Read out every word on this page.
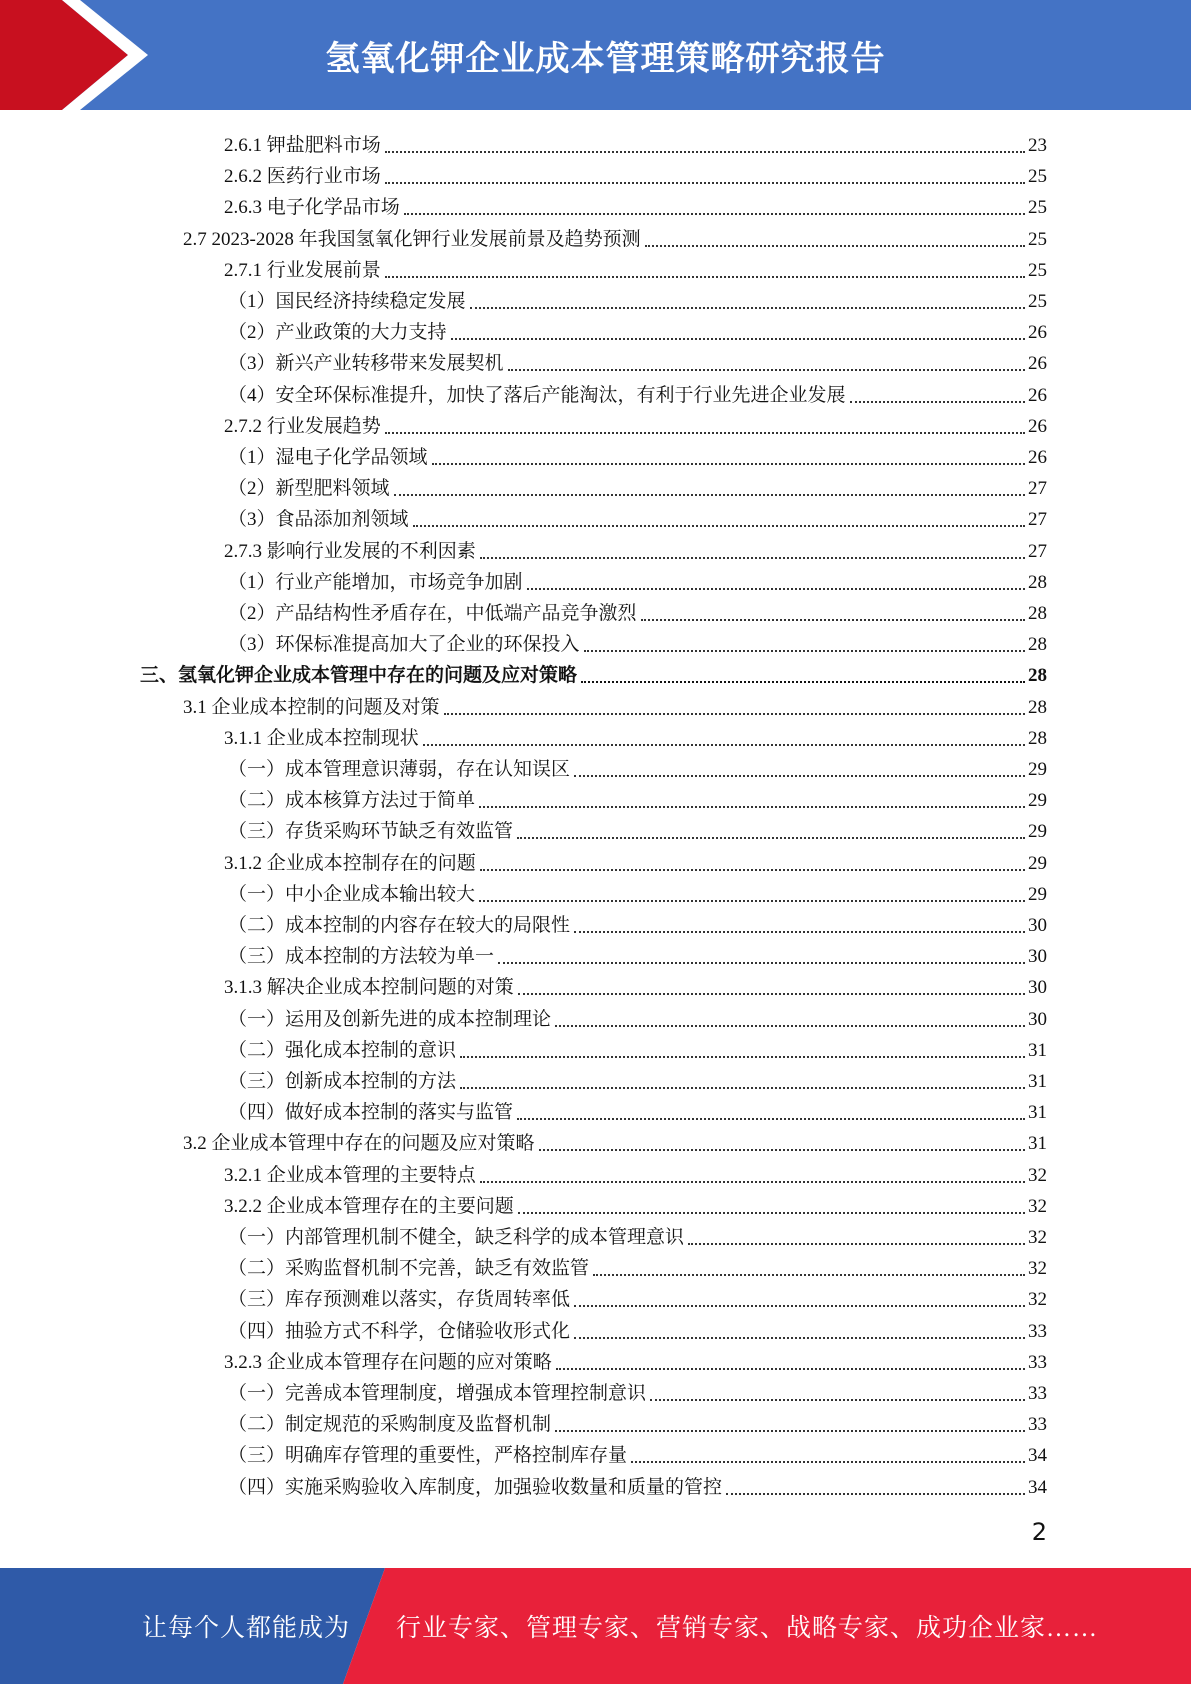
氢氧化钾企业成本管理策略研究报告
2.6.1 钾盐肥料市场	23
2.6.2 医药行业市场	25
2.6.3 电子化学品市场	25
2.7 2023-2028 年我国氢氧化钾行业发展前景及趋势预测	25
2.7.1 行业发展前景	25
（1）国民经济持续稳定发展	25
（2）产业政策的大力支持	26
（3）新兴产业转移带来发展契机	26
（4）安全环保标准提升，加快了落后产能淘汰，有利于行业先进企业发展	26
2.7.2 行业发展趋势	26
（1）湿电子化学品领域	26
（2）新型肥料领域	27
（3）食品添加剂领域	27
2.7.3 影响行业发展的不利因素	27
（1）行业产能增加，市场竞争加剧	28
（2）产品结构性矛盾存在，中低端产品竞争激烈	28
（3）环保标准提高加大了企业的环保投入	28
三、氢氧化钾企业成本管理中存在的问题及应对策略	28
3.1 企业成本控制的问题及对策	28
3.1.1 企业成本控制现状	28
（一）成本管理意识薄弱，存在认知误区	29
（二）成本核算方法过于简单	29
（三）存货采购环节缺乏有效监管	29
3.1.2 企业成本控制存在的问题	29
（一）中小企业成本输出较大	29
（二）成本控制的内容存在较大的局限性	30
（三）成本控制的方法较为单一	30
3.1.3 解决企业成本控制问题的对策	30
（一）运用及创新先进的成本控制理论	30
（二）强化成本控制的意识	31
（三）创新成本控制的方法	31
（四）做好成本控制的落实与监管	31
3.2 企业成本管理中存在的问题及应对策略	31
3.2.1 企业成本管理的主要特点	32
3.2.2 企业成本管理存在的主要问题	32
（一）内部管理机制不健全，缺乏科学的成本管理意识	32
（二）采购监督机制不完善，缺乏有效监管	32
（三）库存预测难以落实，存货周转率低	32
（四）抽验方式不科学，仓储验收形式化	33
3.2.3 企业成本管理存在问题的应对策略	33
（一）完善成本管理制度，增强成本管理控制意识	33
（二）制定规范的采购制度及监督机制	33
（三）明确库存管理的重要性，严格控制库存量	34
（四）实施采购验收入库制度，加强验收数量和质量的管控	34
2
让每个人都能成为 行业专家、管理专家、营销专家、战略专家、成功企业家……
